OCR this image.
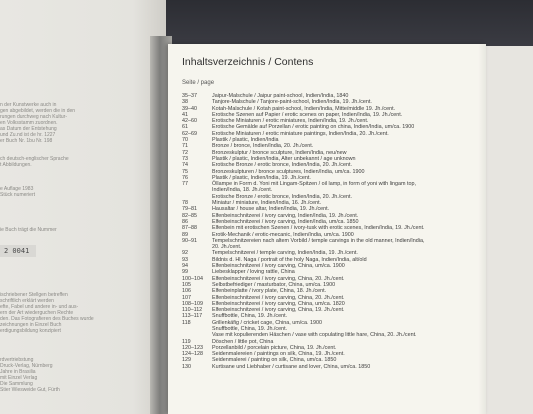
n der Kunstwerke auch in
gen abgebildet, werden die in den
rungen durchweg nach Kultur-
en Volksstamm zuordnen.
as Datum der Entstehung
und Zu.nd ist de hr. 1227
er Buch Nr. 1bu Nr. 198
ch deutsch-englischer Sprache
t Abbildungen.
e Auflage 1983
Stück numeriert
ie Buch trägt die Nummer
ischriebener Stellgen betreffen
schriftlich erklärt werden
efte, Fabel und andere in- und aus-
ern der Art wiederguchen Rechte
den. Das Fotografieren des Buches wurde
zeichnungen in Einzel Buch
erdigungsbildung konzipiert
rdvertriebstung
Druck-Verlag, Nürnberg
Jahre in Brasilia
mit Einzel Verlag
Die Sammlung
Stier Wiesweide Gut, Fürth
2 0041
Inhaltsverzeichnis / Contens
Seite / page
35–37	Jaipur-Malschule / Jaipur paint-school, Indien/India, 1840
38	Tanjore-Malschule / Tanjore-paint-school, Indien/India, 19. Jh./cent.
39–40	Kotah-Malschule / Kotah paint-school, Indien/India, Mitte/middle 19. Jh./cent.
41	Erotische Szenen auf Papier / erotic scenes on paper, Indien/India, 19. Jh./cent.
42–60	Erotische Miniaturen / erotic miniatures, Indien/India, 19. Jh./cent.
61	Erotische Gemälde auf Porzellan / erotic painting on china, Indien/India, um/ca. 1900
62–69	Erotische Miniaturen / erotic miniature paintings, Indien/India, 20. Jh./cent.
70	Plastik / plastic, Indien/India
71	Bronze / bronce, Indien/India, 20. Jh./cent.
72	Bronzeskulptur / bronce sculpture, Indien/India, neu/new
73	Plastik / plastic, Indien/India, Alter unbekannt / age unknown
74	Erotische Bronze / erotic bronce, Indien/India, 20. Jh./cent.
75	Bronzeskulpturen / bronce sculptures, Indien/India, um/ca. 1900
76	Plastik / plastic, Indien/India, 19. Jh./cent.
77	Öllampe in Form d. Yoni mit Lingam-Spitzen / oil lamp, in form of yoni with lingam top,
Indien/India, 18. Jh./cent.
Erotische Bronze / erotic bronce, Indien/India, 20. Jh./cent.
78	Miniatur / miniature, Indien/India, 16. Jh./cent.
79–81	Hausaltar / house altar, Indien/India, 19. Jh./cent.
82–85	Elfenbeinschnitzerei / ivory carving, Indien/India, 19. Jh./cent.
86	Elfenbeinschnitzerei / ivory carving, Indien/India, um/ca. 1850
87–88	Elfenbein mit erotischen Szenen / ivory-tusk with erotic scenes, Indien/India, 19. Jh./cent.
89	Erotik-Mechanik / erotic-mecanic, Indien/India, um/ca. 1900
90–91	Tempelschnitzereien nach altem Vorbild / temple carvings in the old manner, Indien/India,
20. Jh./cent.
92	Tempelschnitzerei / temple carving, Indien/India, 19. Jh./cent.
93	Bildnis d. Hl. Naga / portrait of the holy Naga, Indien/India, alt/old
94	Elfenbeinschnitzerei / ivory carving, China, um/ca. 1900
99	Liebesklapper / loving rattle, China
100–104	Elfenbeinschnitzerei / ivory carving, China, 20. Jh./cent.
105	Selbstbefriediger / masturbator, China, um/ca. 1900
106	Elfenbeinplatte / ivory plate, China, 18. Jh./cent.
107	Elfenbeinschnitzerei / ivory carving, China, 20. Jh./cent.
108–109	Elfenbeinschnitzerei / ivory carving, China, um/ca. 1820
110–112	Elfenbeinschnitzerei / ivory carving, China, 19. Jh./cent.
113–117	Snuffbottle, China, 19. Jh./cent.
118	Grillenkäfig / cricket cage, China, um/ca. 1900
Snuffbottle, China, 19. Jh./cent.
Vase mit kopulierenden Häschen / vase with copulating little hare, China, 20. Jh./cent.
119	Döschen / little pot, China
120–123	Porzellanbild / porcelain picture, China, 19. Jh./cent.
124–128	Seidenmalereien / paintings on silk, China, 19. Jh./cent.
129	Seidenmalerei / painting on silk, China, um/ca. 1850
130	Kurtisane und Liebhaber / curtisane and lover, China, um/ca. 1850
